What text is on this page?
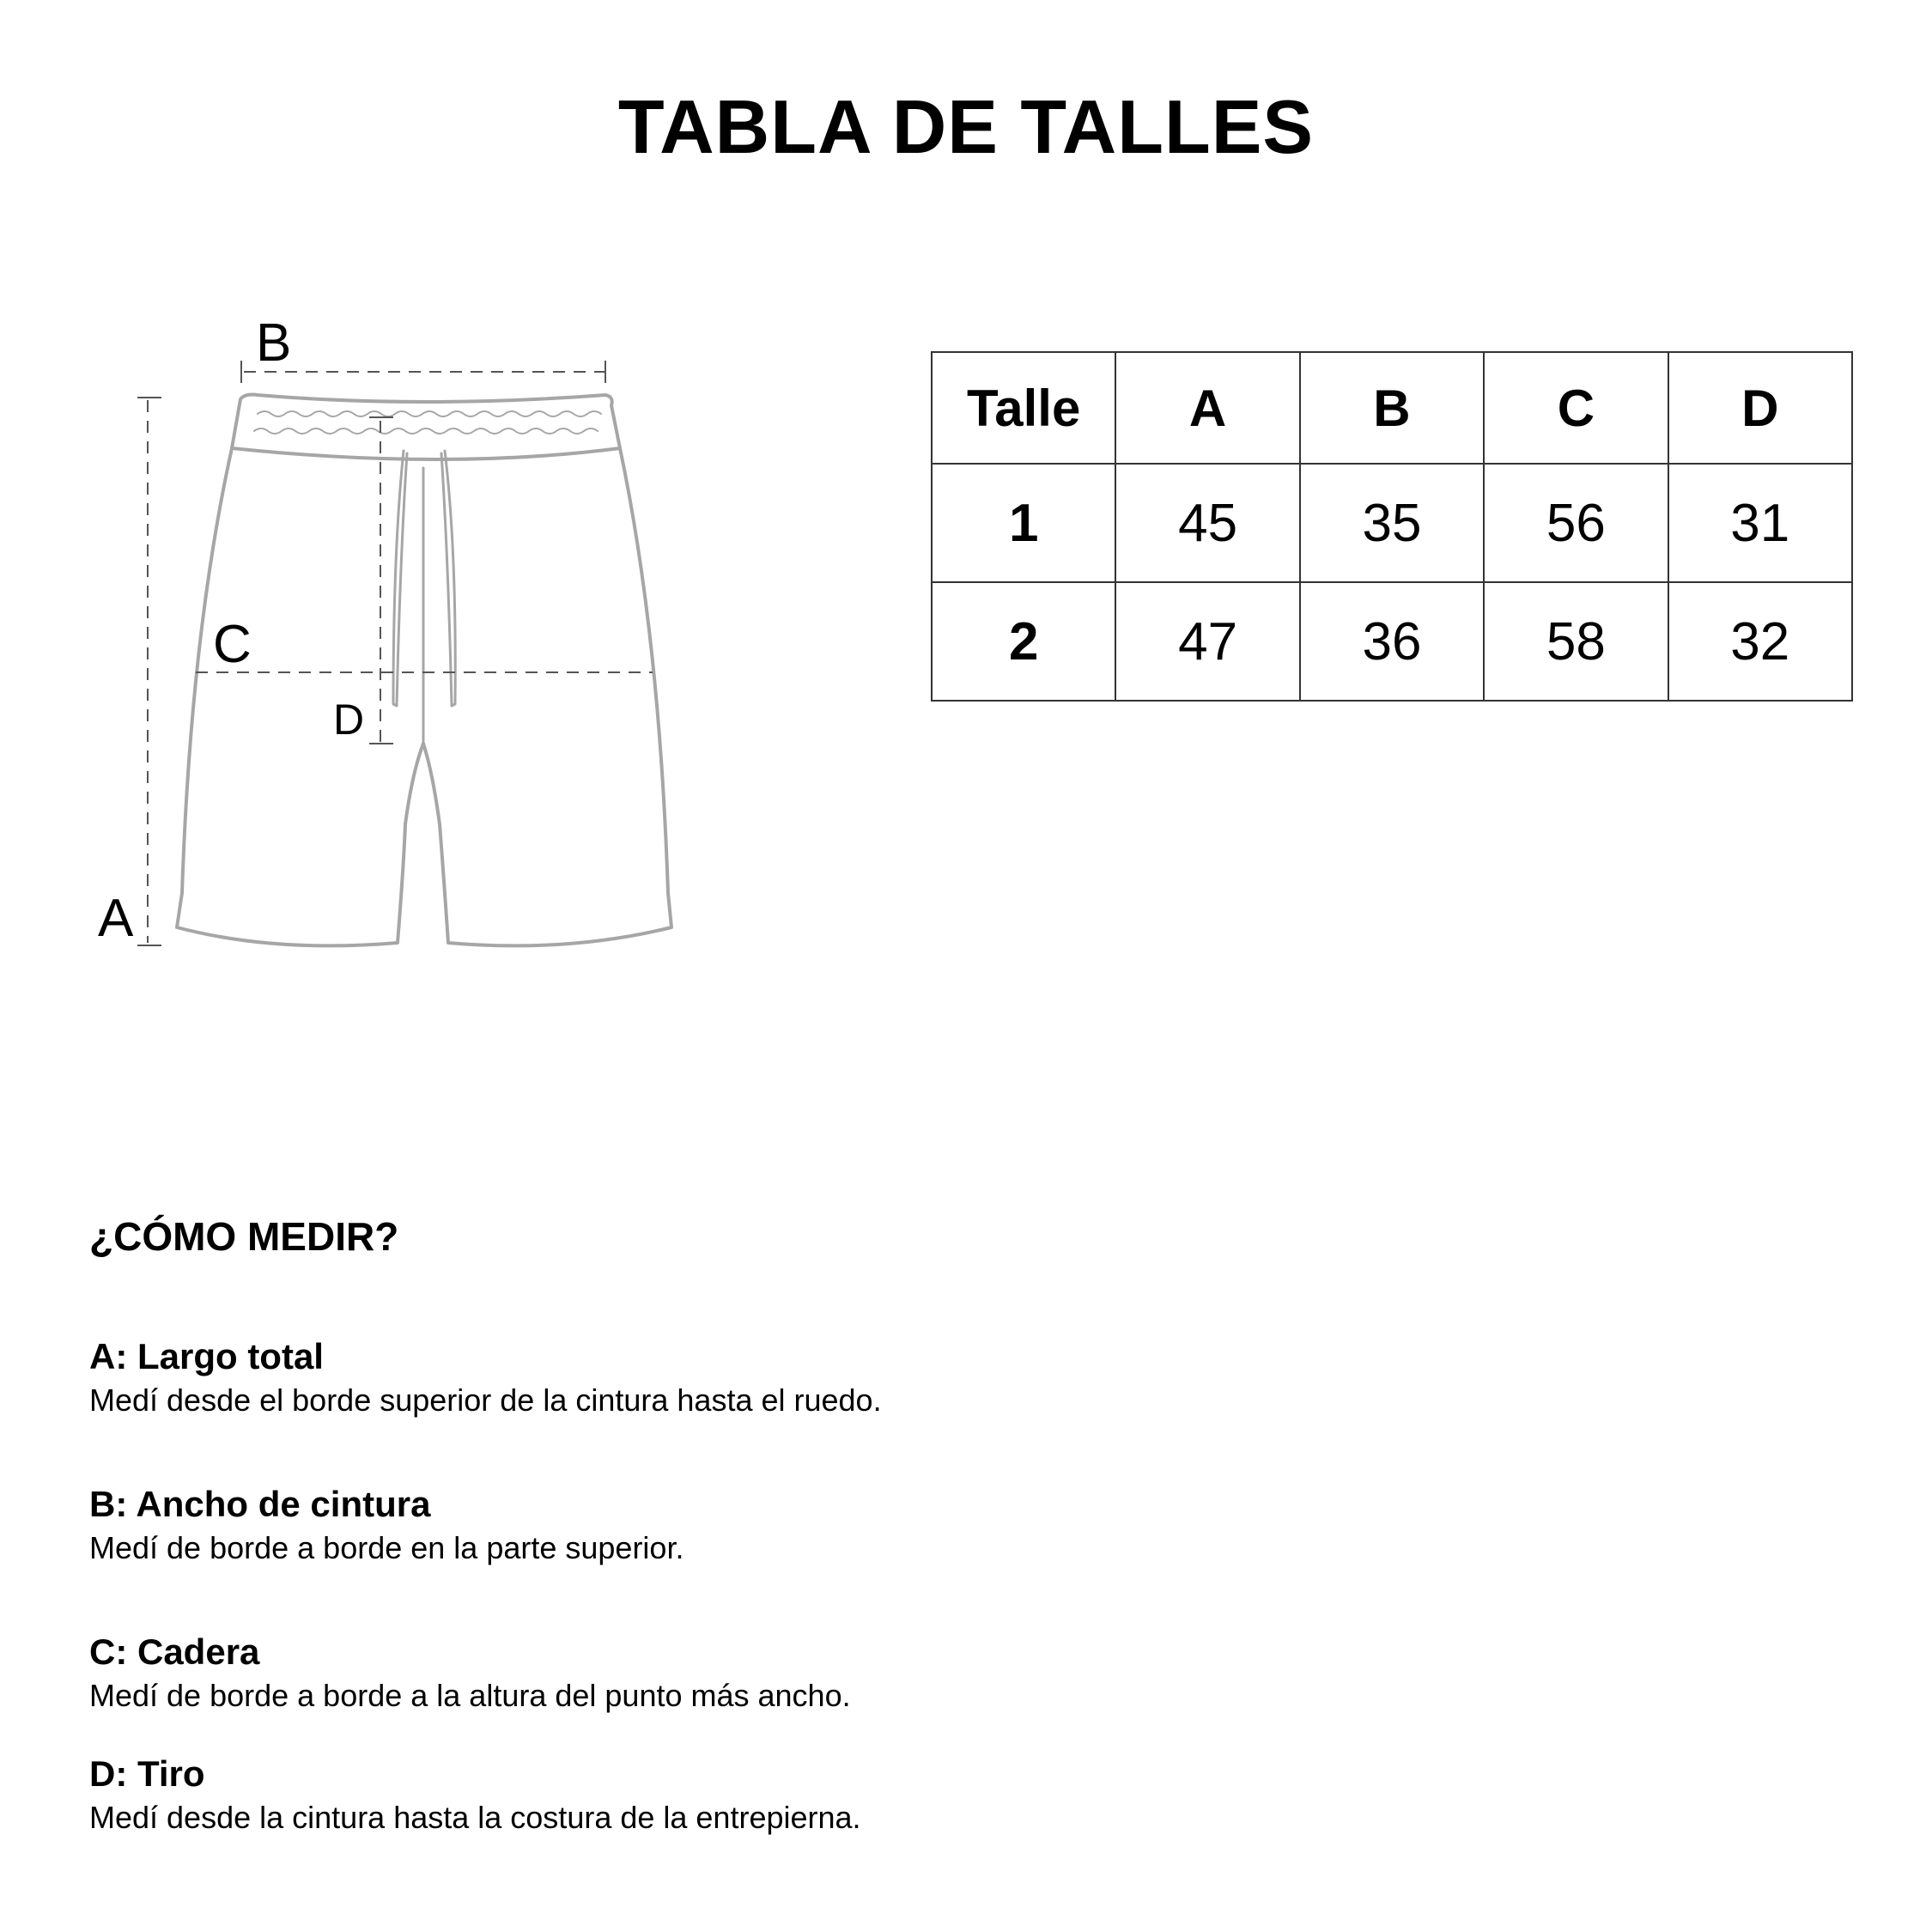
TABLA DE TALLES
A
B
C
D
Talle	A	B	C	D
1	45	35	56	31
2	47	36	58	32
¿CÓMO MEDIR?
A: Largo total
Medí desde el borde superior de la cintura hasta el ruedo.
B: Ancho de cintura
Medí de borde a borde en la parte superior.
C: Cadera
Medí de borde a borde a la altura del punto más ancho.
D: Tiro
Medí desde la cintura hasta la costura de la entrepierna.
